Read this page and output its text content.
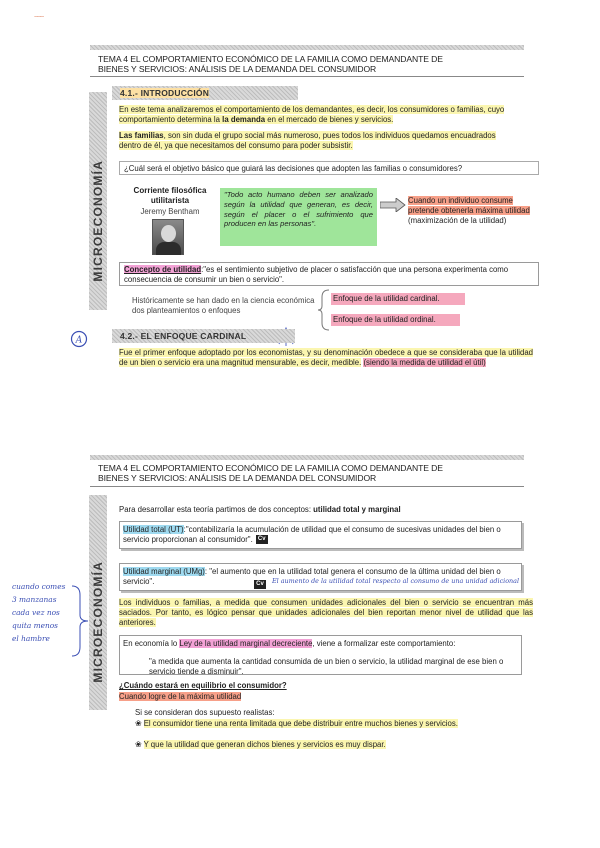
~~~
TEMA 4 EL COMPORTAMIENTO ECONÓMICO DE LA FAMILIA COMO DEMANDANTE DE
BIENES Y SERVICIOS: ANÁLISIS DE LA DEMANDA DEL CONSUMIDOR
MICROECONOMÍA
4.1.- INTRODUCCIÓN
En este tema analizaremos el comportamiento de los demandantes, es decir, los consumidores o familias, cuyo comportamiento determina la la demanda en el mercado de bienes y servicios.
Las familias, son sin duda el grupo social más numeroso, pues todos los individuos quedamos encuadrados dentro de él, ya que necesitamos del consumo para poder subsistir.
¿Cuál será el objetivo básico que guiará las decisiones que adopten las familias o consumidores?
Corriente filosófica
utilitarista
Jeremy Bentham
"Todo acto humano deben ser analizado según la utilidad que generan, es decir, según el placer o el sufrimiento que producen en las personas".
Cuando un individuo consume pretende obtenerla máxima utilidad (maximización de la utilidad)
Concepto de utilidad:"es el sentimiento subjetivo de placer o satisfacción que una persona experimenta como consecuencia de consumir un bien o servicio".
Históricamente se han dado en la ciencia económica dos planteamientos o enfoques
Enfoque de la utilidad cardinal.
Enfoque de la utilidad ordinal.
A	4.2.- EL ENFOQUE CARDINAL
Fue el primer enfoque adoptado por los economistas, y su denominación obedece a que se consideraba que la utilidad de un bien o servicio era una magnitud mensurable, es decir, medible. (siendo la medida de utilidad el útil)
TEMA 4 EL COMPORTAMIENTO ECONÓMICO DE LA FAMILIA COMO DEMANDANTE DE
BIENES Y SERVICIOS: ANÁLISIS DE LA DEMANDA DEL CONSUMIDOR
MICROECONOMÍA
Para desarrollar esta teoría partimos de dos conceptos: utilidad total y marginal
Utilidad total (UT):"contabilizaría la acumulación de utilidad que el consumo de sucesivas unidades del bien o servicio proporcionan al consumidor". Cv
Utilidad marginal (UMg): "el aumento que en la utilidad total genera el consumo de la última unidad del bien o servicio".	Cv	El aumento de la utilidad total respecto al consumo de una unidad adicional
Los individuos o familias, a medida que consumen unidades adicionales del bien o servicio se encuentran más saciados. Por tanto, es lógico pensar que unidades adicionales del bien reportan menor nivel de utilidad que las anteriores.
En economía lo Ley de la utilidad marginal decreciente, viene a formalizar este comportamiento:
"a medida que aumenta la cantidad consumida de un bien o servicio, la utilidad marginal de ese bien o servicio tiende a disminuir".
¿Cuándo estará en equilibrio el consumidor?
Cuando logre de la máxima utilidad
Si se consideran dos supuesto realistas:
❀ El consumidor tiene una renta limitada que debe distribuir entre muchos bienes y servicios.
❀ Y que la utilidad que generan dichos bienes y servicios es muy dispar.
cuando comes
3 manzanas
cada vez nos
quita menos
el hambre
